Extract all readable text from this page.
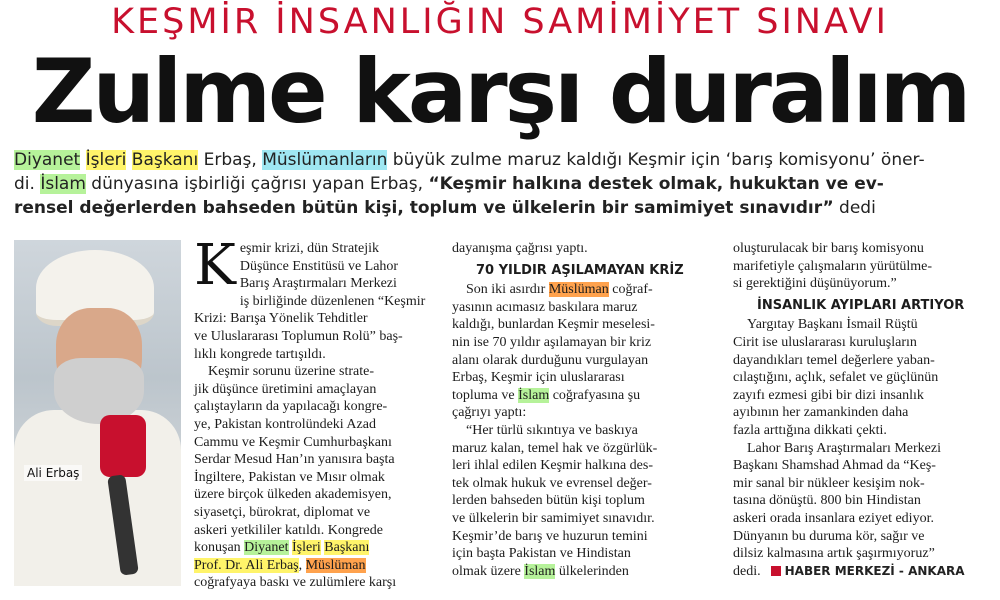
KEŞMİR İNSANLIĞIN SAMİMİYET SINAVI
Zulme karşı duralım
Diyanet İşleri Başkanı Erbaş, Müslümanların büyük zulme maruz kaldığı Keşmir için ‘barış komisyonu’ öner-
di. İslam dünyasına işbirliği çağrısı yapan Erbaş, “Keşmir halkına destek olmak, hukuktan ve ev-
rensel değerlerden bahseden bütün kişi, toplum ve ülkelerin bir samimiyet sınavıdır” dedi
Ali Erbaş
K eşmir krizi, dün Stratejik
Düşünce Enstitüsü ve Lahor
Barış Araştırmaları Merkezi
iş birliğinde düzenlenen “Keşmir
Krizi: Barışa Yönelik Tehditler
ve Uluslararası Toplumun Rolü” baş-
lıklı kongrede tartışıldı.
Keşmir sorunu üzerine strate-
jik düşünce üretimini amaçlayan
çalıştayların da yapılacağı kongre-
ye, Pakistan kontrolündeki Azad
Cammu ve Keşmir Cumhurbaşkanı
Serdar Mesud Han’ın yanısıra başta
İngiltere, Pakistan ve Mısır olmak
üzere birçok ülkeden akademisyen,
siyasetçi, bürokrat, diplomat ve
askeri yetkililer katıldı. Kongrede
konuşan Diyanet İşleri Başkanı
Prof. Dr. Ali Erbaş, Müslüman
coğrafyaya baskı ve zulümlere karşı
dayanışma çağrısı yaptı.
70 YILDIR AŞILAMAYAN KRİZ
Son iki asırdır Müslüman coğraf-
yasının acımasız baskılara maruz
kaldığı, bunlardan Keşmir meselesi-
nin ise 70 yıldır aşılamayan bir kriz
alanı olarak durduğunu vurgulayan
Erbaş, Keşmir için uluslararası
topluma ve İslam coğrafyasına şu
çağrıyı yaptı:
“Her türlü sıkıntıya ve baskıya
maruz kalan, temel hak ve özgürlük-
leri ihlal edilen Keşmir halkına des-
tek olmak hukuk ve evrensel değer-
lerden bahseden bütün kişi toplum
ve ülkelerin bir samimiyet sınavıdır.
Keşmir’de barış ve huzurun temini
için başta Pakistan ve Hindistan
olmak üzere İslam ülkelerinden
oluşturulacak bir barış komisyonu
marifetiyle çalışmaların yürütülme-
si gerektiğini düşünüyorum.”
İNSANLIK AYIPLARI ARTIYOR
Yargıtay Başkanı İsmail Rüştü
Cirit ise uluslararası kuruluşların
dayandıkları temel değerlere yaban-
cılaştığını, açlık, sefalet ve güçlünün
zayıfı ezmesi gibi bir dizi insanlık
ayıbının her zamankinden daha
fazla arttığına dikkati çekti.
Lahor Barış Araştırmaları Merkezi
Başkanı Shamshad Ahmad da “Keş-
mir sanal bir nükleer kesişim nok-
tasına dönüştü. 800 bin Hindistan
askeri orada insanlara eziyet ediyor.
Dünyanın bu duruma kör, sağır ve
dilsiz kalmasına artık şaşırmıyoruz”
dedi. HABER MERKEZİ - ANKARA
